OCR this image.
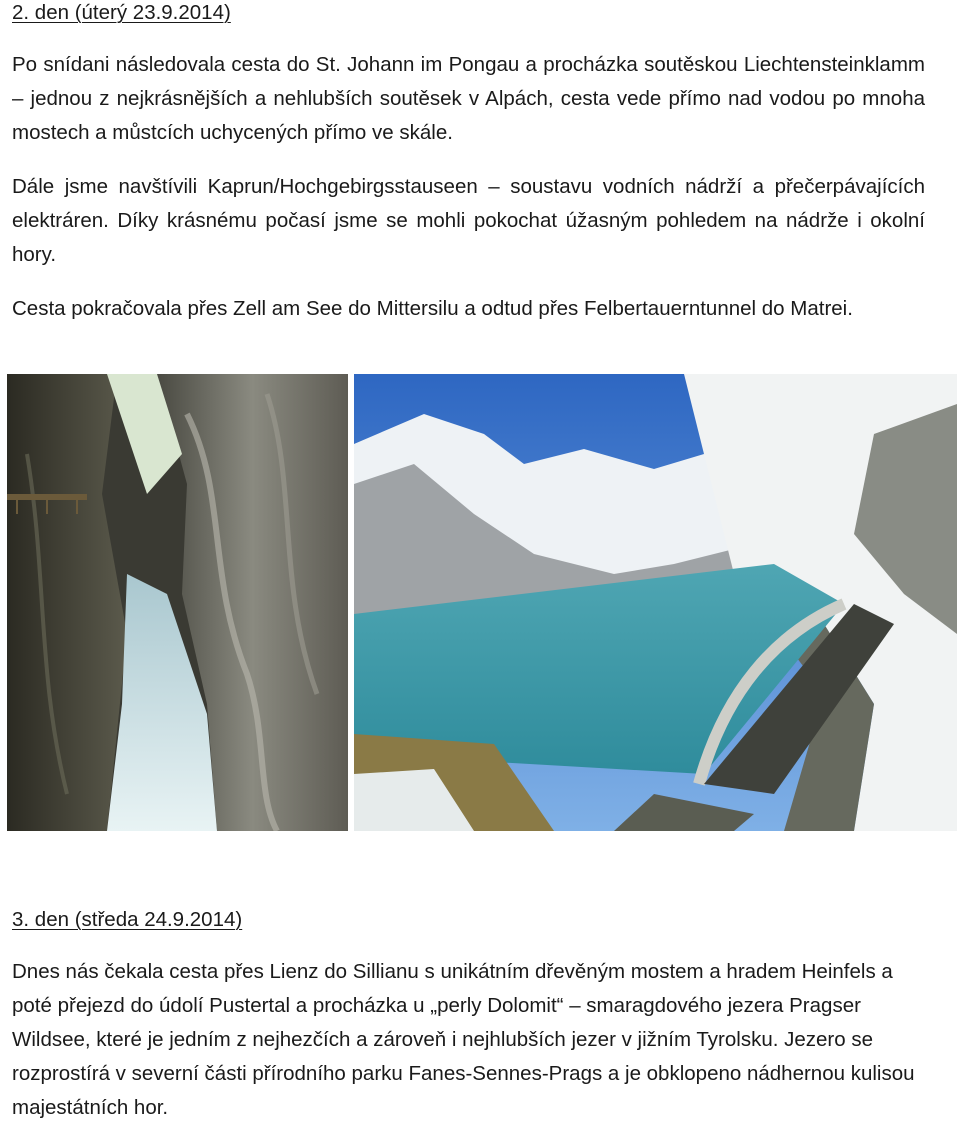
2. den (úterý 23.9.2014)

Po snídani následovala cesta do St. Johann im Pongau a procházka soutěskou Liechtensteinklamm – jednou z nejkrásnějších a nehlubších soutěsek v Alpách, cesta vede přímo nad vodou po mnoha mostech a můstcích uchycených přímo ve skále.

Dále jsme navštívili Kaprun/Hochgebirgsstauseen – soustavu vodních nádrží a přečerpávajících elektráren. Díky krásnému počasí jsme se mohli pokochat úžasným pohledem na nádrže i okolní hory.

Cesta pokračovala přes Zell am See do Mittersilu a odtud přes Felbertauerntunnel do Matrei.

3. den (středa 24.9.2014)

Dnes nás čekala cesta přes Lienz do Sillianu s unikátním dřevěným mostem a hradem Heinfels a poté přejezd do údolí Pustertal a procházka u „perly Dolomit“ – smaragdového jezera Pragser Wildsee, které je jedním z nejhezčích a zároveň i nejhlubších jezer v jižním Tyrolsku. Jezero se rozprostírá v severní části přírodního parku Fanes-Sennes-Prags a je obklopeno nádhernou kulisou majestátních hor.
